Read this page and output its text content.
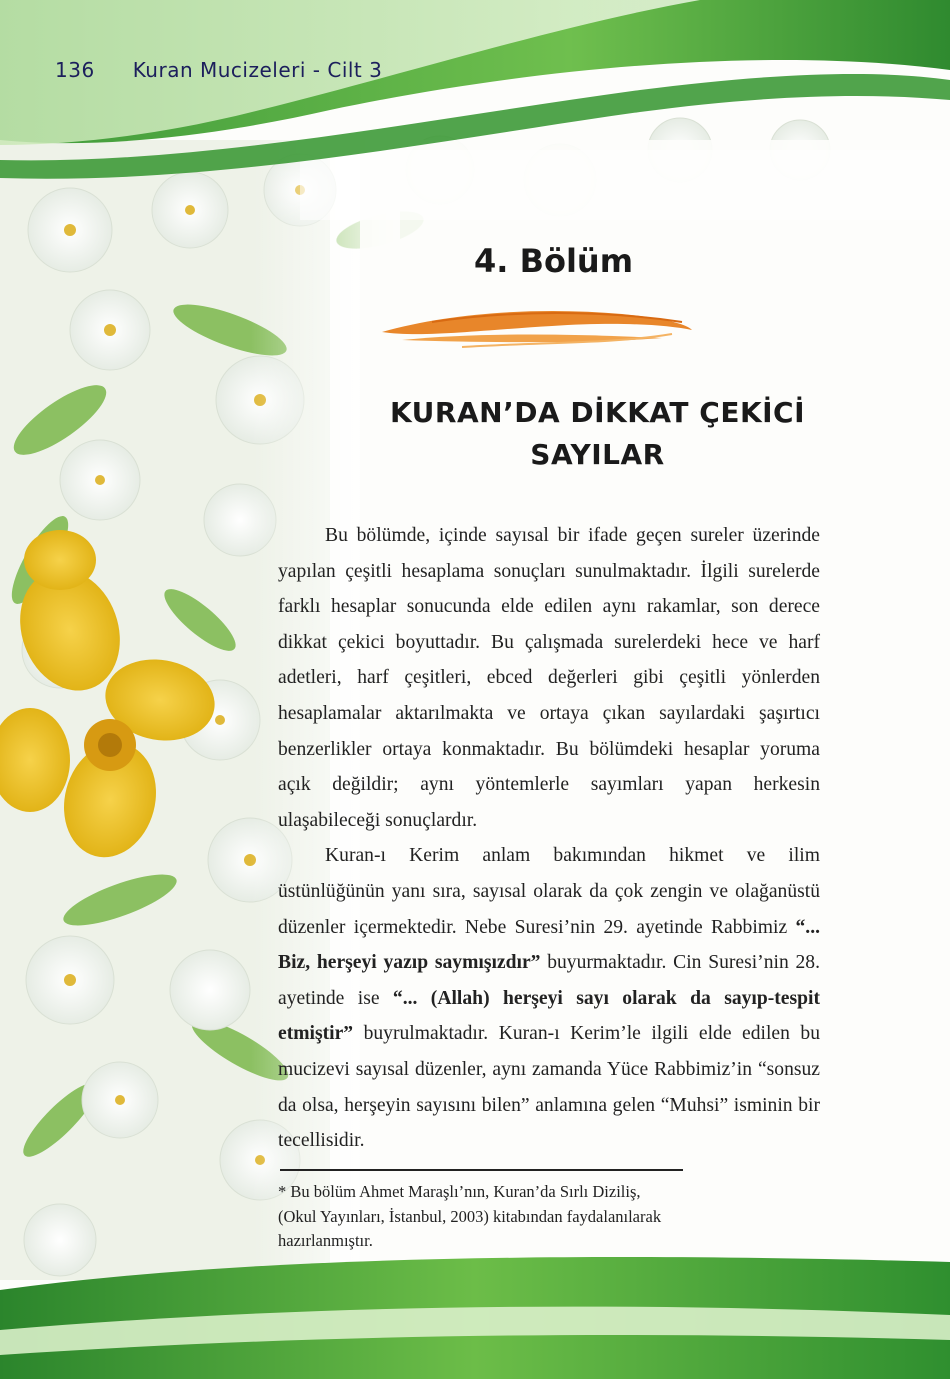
136 Kuran Mucizeleri - Cilt 3
4. Bölüm
KURAN’DA DİKKAT ÇEKİCİ
SAYILAR

Bu bölümde, içinde sayısal bir ifade geçen sureler üzerinde yapılan çeşitli hesaplama sonuçları sunulmaktadır. İlgili surelerde farklı hesaplar sonucunda elde edilen aynı rakamlar, son derece dikkat çekici boyuttadır. Bu çalışmada surelerdeki hece ve harf adetleri, harf çeşitleri, ebced değerleri gibi çeşitli yönlerden hesaplamalar aktarılmakta ve ortaya çıkan sayılardaki şaşırtıcı benzerlikler ortaya konmaktadır. Bu bölümdeki hesaplar yoruma açık değildir; aynı yöntemlerle sayımları yapan herkesin ulaşabileceği sonuçlardır.

Kuran-ı Kerim anlam bakımından hikmet ve ilim üstünlüğünün yanı sıra, sayısal olarak da çok zengin ve olağanüstü düzenler içermektedir. Nebe Suresi’nin 29. ayetinde Rabbimiz “... Biz, herşeyi yazıp saymışızdır” buyurmaktadır. Cin Suresi’nin 28. ayetinde ise “... (Allah) herşeyi sayı olarak da sayıp-tespit etmiştir” buyrulmaktadır. Kuran-ı Kerim’le ilgili elde edilen bu mucizevi sayısal düzenler, aynı zamanda Yüce Rabbimiz’in “sonsuz da olsa, herşeyin sayısını bilen” anlamına gelen “Muhsi” isminin bir tecellisidir.

* Bu bölüm Ahmet Maraşlı’nın, Kuran’da Sırlı Diziliş,
(Okul Yayınları, İstanbul, 2003) kitabından faydalanılarak
hazırlanmıştır.
